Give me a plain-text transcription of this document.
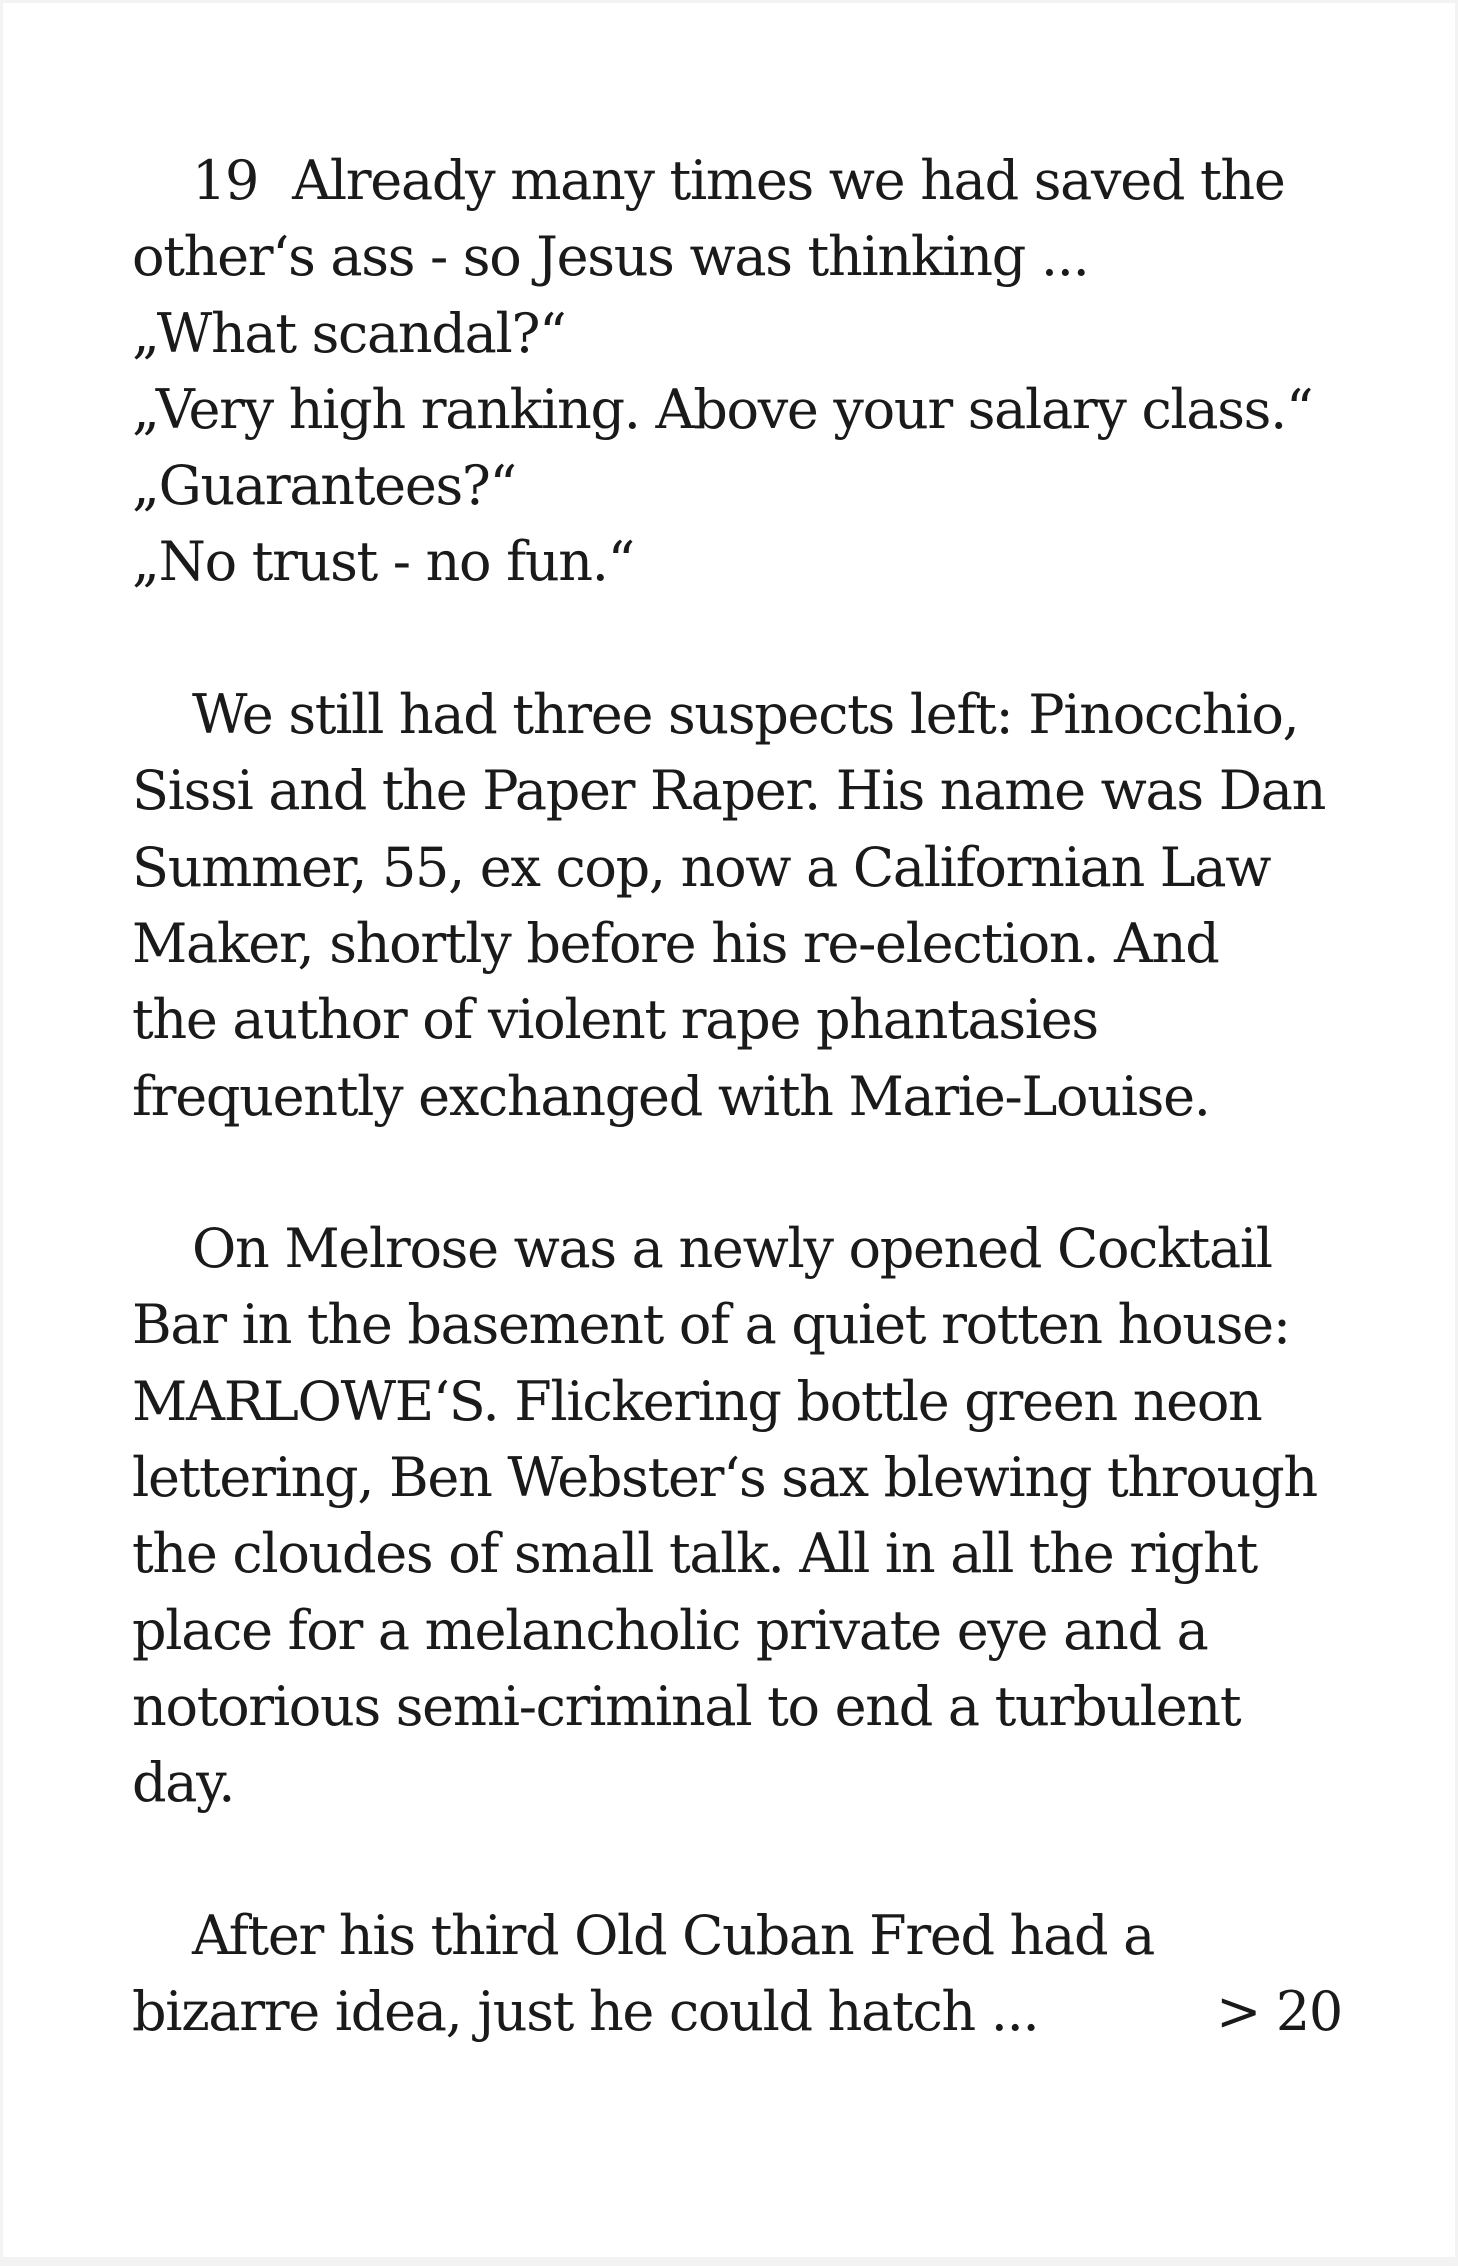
19 Already many times we had saved the
other‘s ass - so Jesus was thinking ...
„What scandal?“
„Very high ranking. Above your salary class.“
„Guarantees?“
„No trust - no fun.“

We still had three suspects left: Pinocchio,
Sissi and the Paper Raper. His name was Dan
Summer, 55, ex cop, now a Californian Law
Maker, shortly before his re-election. And
the author of violent rape phantasies
frequently exchanged with Marie-Louise.

On Melrose was a newly opened Cocktail
Bar in the basement of a quiet rotten house:
MARLOWE‘S. Flickering bottle green neon
lettering, Ben Webster‘s sax blewing through
the cloudes of small talk. All in all the right
place for a melancholic private eye and a
notorious semi-criminal to end a turbulent
day.

After his third Old Cuban Fred had a
bizarre idea, just he could hatch ...	> 20
